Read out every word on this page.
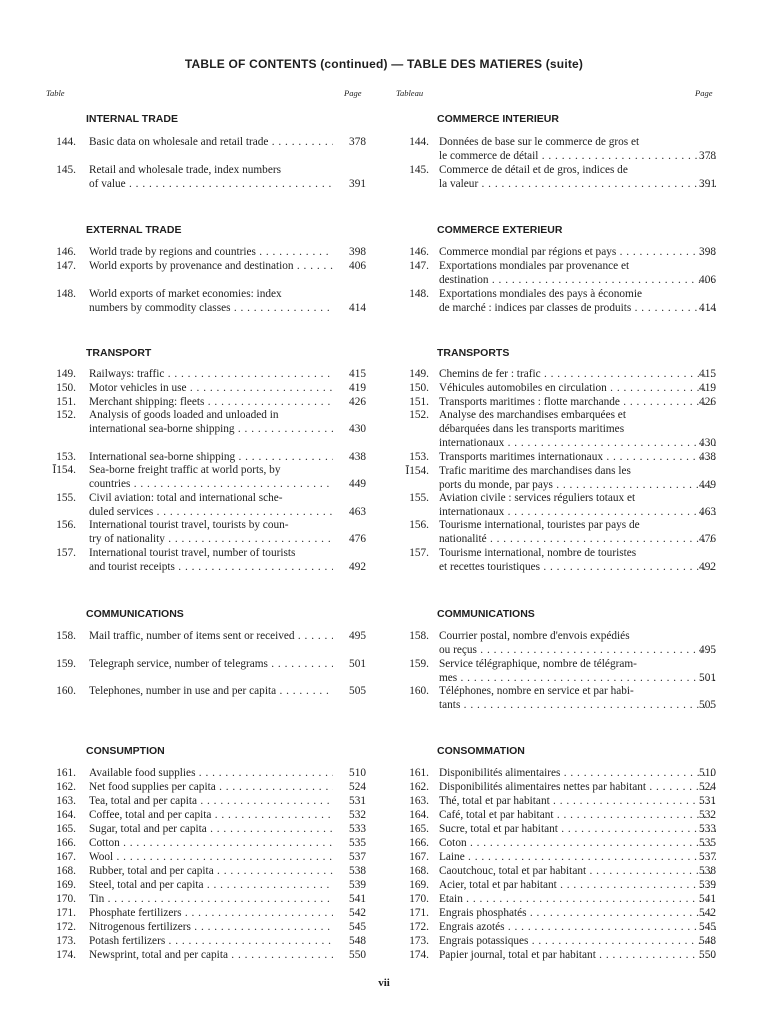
TABLE OF CONTENTS (continued) — TABLE DES MATIERES (suite)
Table	Page	Tableau	Page
INTERNAL TRADE
144. Basic data on wholesale and retail trade . . .	378
145. Retail and wholesale trade, index numbers
of value . . .	391
EXTERNAL TRADE
146. World trade by regions and countries . . .	398
147. World exports by provenance and destination . . .	406
148. World exports of market economies: index
numbers by commodity classes . . .	414
TRANSPORT
149. Railways: traffic . . .	415
150. Motor vehicles in use . . .	419
151. Merchant shipping: fleets . . .	426
152. Analysis of goods loaded and unloaded in
international sea-borne shipping . . .	430
153. International sea-borne shipping . . .	438
Ī154. Sea-borne freight traffic at world ports, by
countries . . .	449
155. Civil aviation: total and international sche-
duled services . . .	463
156. International tourist travel, tourists by coun-
try of nationality . . .	476
157. International tourist travel, number of tourists
and tourist receipts . . .	492
COMMUNICATIONS
158. Mail traffic, number of items sent or received . . .	495
159. Telegraph service, number of telegrams . . .	501
160. Telephones, number in use and per capita . . .	505
CONSUMPTION
161. Available food supplies . . .	510
162. Net food supplies per capita . . .	524
163. Tea, total and per capita . . .	531
164. Coffee, total and per capita . . .	532
165. Sugar, total and per capita . . .	533
166. Cotton . . .	535
167. Wool . . .	537
168. Rubber, total and per capita . . .	538
169. Steel, total and per capita . . .	539
170. Tin . . .	541
171. Phosphate fertilizers . . .	542
172. Nitrogenous fertilizers . . .	545
173. Potash fertilizers . . .	548
174. Newsprint, total and per capita . . .	550
COMMERCE INTERIEUR
144. Données de base sur le commerce de gros et
le commerce de détail . . .	378
145. Commerce de détail et de gros, indices de
la valeur . . .	391
COMMERCE EXTERIEUR
146. Commerce mondial par régions et pays . . .	398
147. Exportations mondiales par provenance et
destination . . .	406
148. Exportations mondiales des pays à économie
de marché : indices par classes de produits . . .	414
TRANSPORTS
149. Chemins de fer : trafic . . .	415
150. Véhicules automobiles en circulation . . .	419
151. Transports maritimes : flotte marchande . . .	426
152. Analyse des marchandises embarquées et
débarquées dans les transports maritimes
internationaux . . .	430
153. Transports maritimes internationaux . . .	438
Ī154. Trafic maritime des marchandises dans les
ports du monde, par pays . . .	449
155. Aviation civile : services réguliers totaux et
internationaux . . .	463
156. Tourisme international, touristes par pays de
nationalité . . .	476
157. Tourisme international, nombre de touristes
et recettes touristiques . . .	492
COMMUNICATIONS
158. Courrier postal, nombre d'envois expédiés
ou reçus . . .	495
159. Service télégraphique, nombre de télégram-
mes . . .	501
160. Téléphones, nombre en service et par habi-
tants . . .	505
CONSOMMATION
161. Disponibilités alimentaires . . .	510
162. Disponibilités alimentaires nettes par habitant . . .	524
163. Thé, total et par habitant . . .	531
164. Café, total et par habitant . . .	532
165. Sucre, total et par habitant . . .	533
166. Coton . . .	535
167. Laine . . .	537
168. Caoutchouc, total et par habitant . . .	538
169. Acier, total et par habitant . . .	539
170. Etain . . .	541
171. Engrais phosphatés . . .	542
172. Engrais azotés . . .	545
173. Engrais potassiques . . .	548
174. Papier journal, total et par habitant . . .	550
vii
